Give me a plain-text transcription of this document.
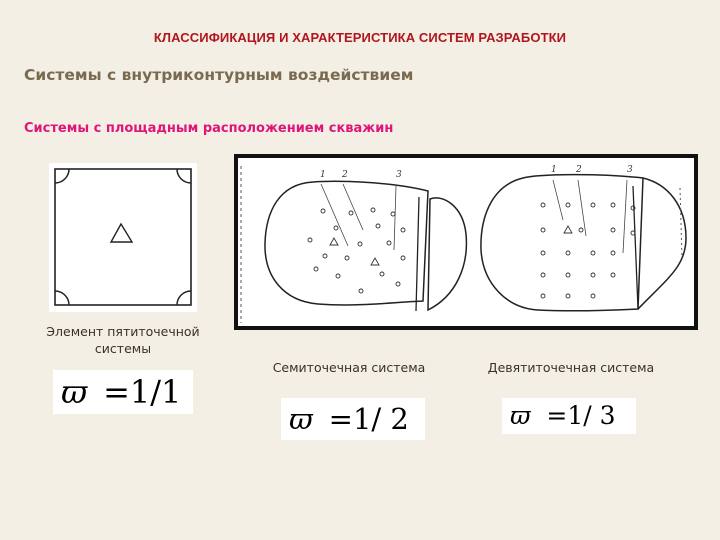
КЛАССИФИКАЦИЯ И ХАРАКТЕРИСТИКА СИСТЕМ РАЗРАБОТКИ
Системы с внутриконтурным воздействием
Системы с площадным расположением скважин
1 2	3	1 2	3
Элемент пятиточечной системы
Семиточечная система	Девятиточечная система
ϖ =1/1
ϖ =1/ 2	ϖ =1/ 3
